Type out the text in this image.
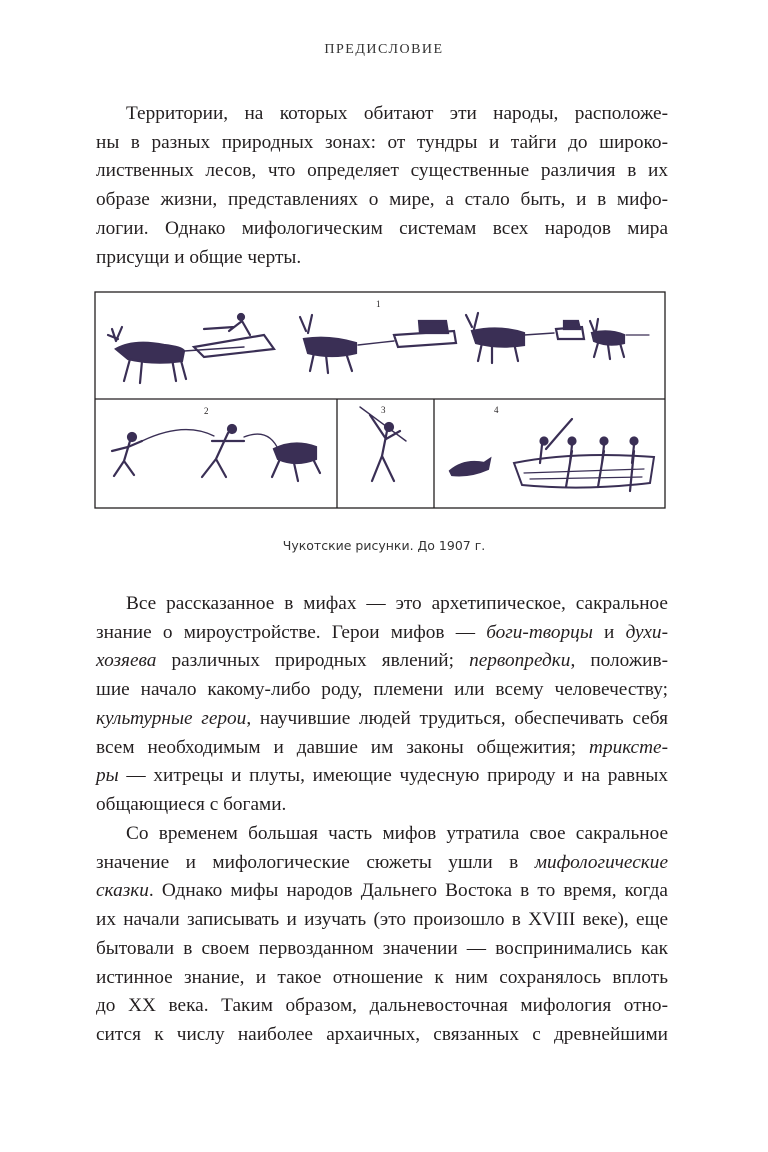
ПРЕДИСЛОВИЕ
Территории, на которых обитают эти народы, расположе-
ны в разных природных зонах: от тундры и тайги до широко-
лиственных лесов, что определяет существенные различия в их
образе жизни, представлениях о мире, а стало быть, и в мифо-
логии. Однако мифологическим системам всех народов мира
присущи и общие черты.
1
2	3	4
Чукотские рисунки. До 1907 г.
Все рассказанное в мифах — это архетипическое, сакральное
знание о мироустройстве. Герои мифов — боги-творцы и духи-
хозяева различных природных явлений; первопредки, положив-
шие начало какому-либо роду, племени или всему человечеству;
культурные герои, научившие людей трудиться, обеспечивать себя
всем необходимым и давшие им законы общежития; трикстe-
ры — хитрецы и плуты, имеющие чудесную природу и на равных
общающиеся с богами.
Со временем большая часть мифов утратила свое сакральное
значение и мифологические сюжеты ушли в мифологические
сказки. Однако мифы народов Дальнего Востока в то время, когда
их начали записывать и изучать (это произошло в XVIII веке), еще
бытовали в своем первозданном значении — воспринимались как
истинное знание, и такое отношение к ним сохранялось вплоть
до XX века. Таким образом, дальневосточная мифология отно-
сится к числу наиболее архаичных, связанных с древнейшими
